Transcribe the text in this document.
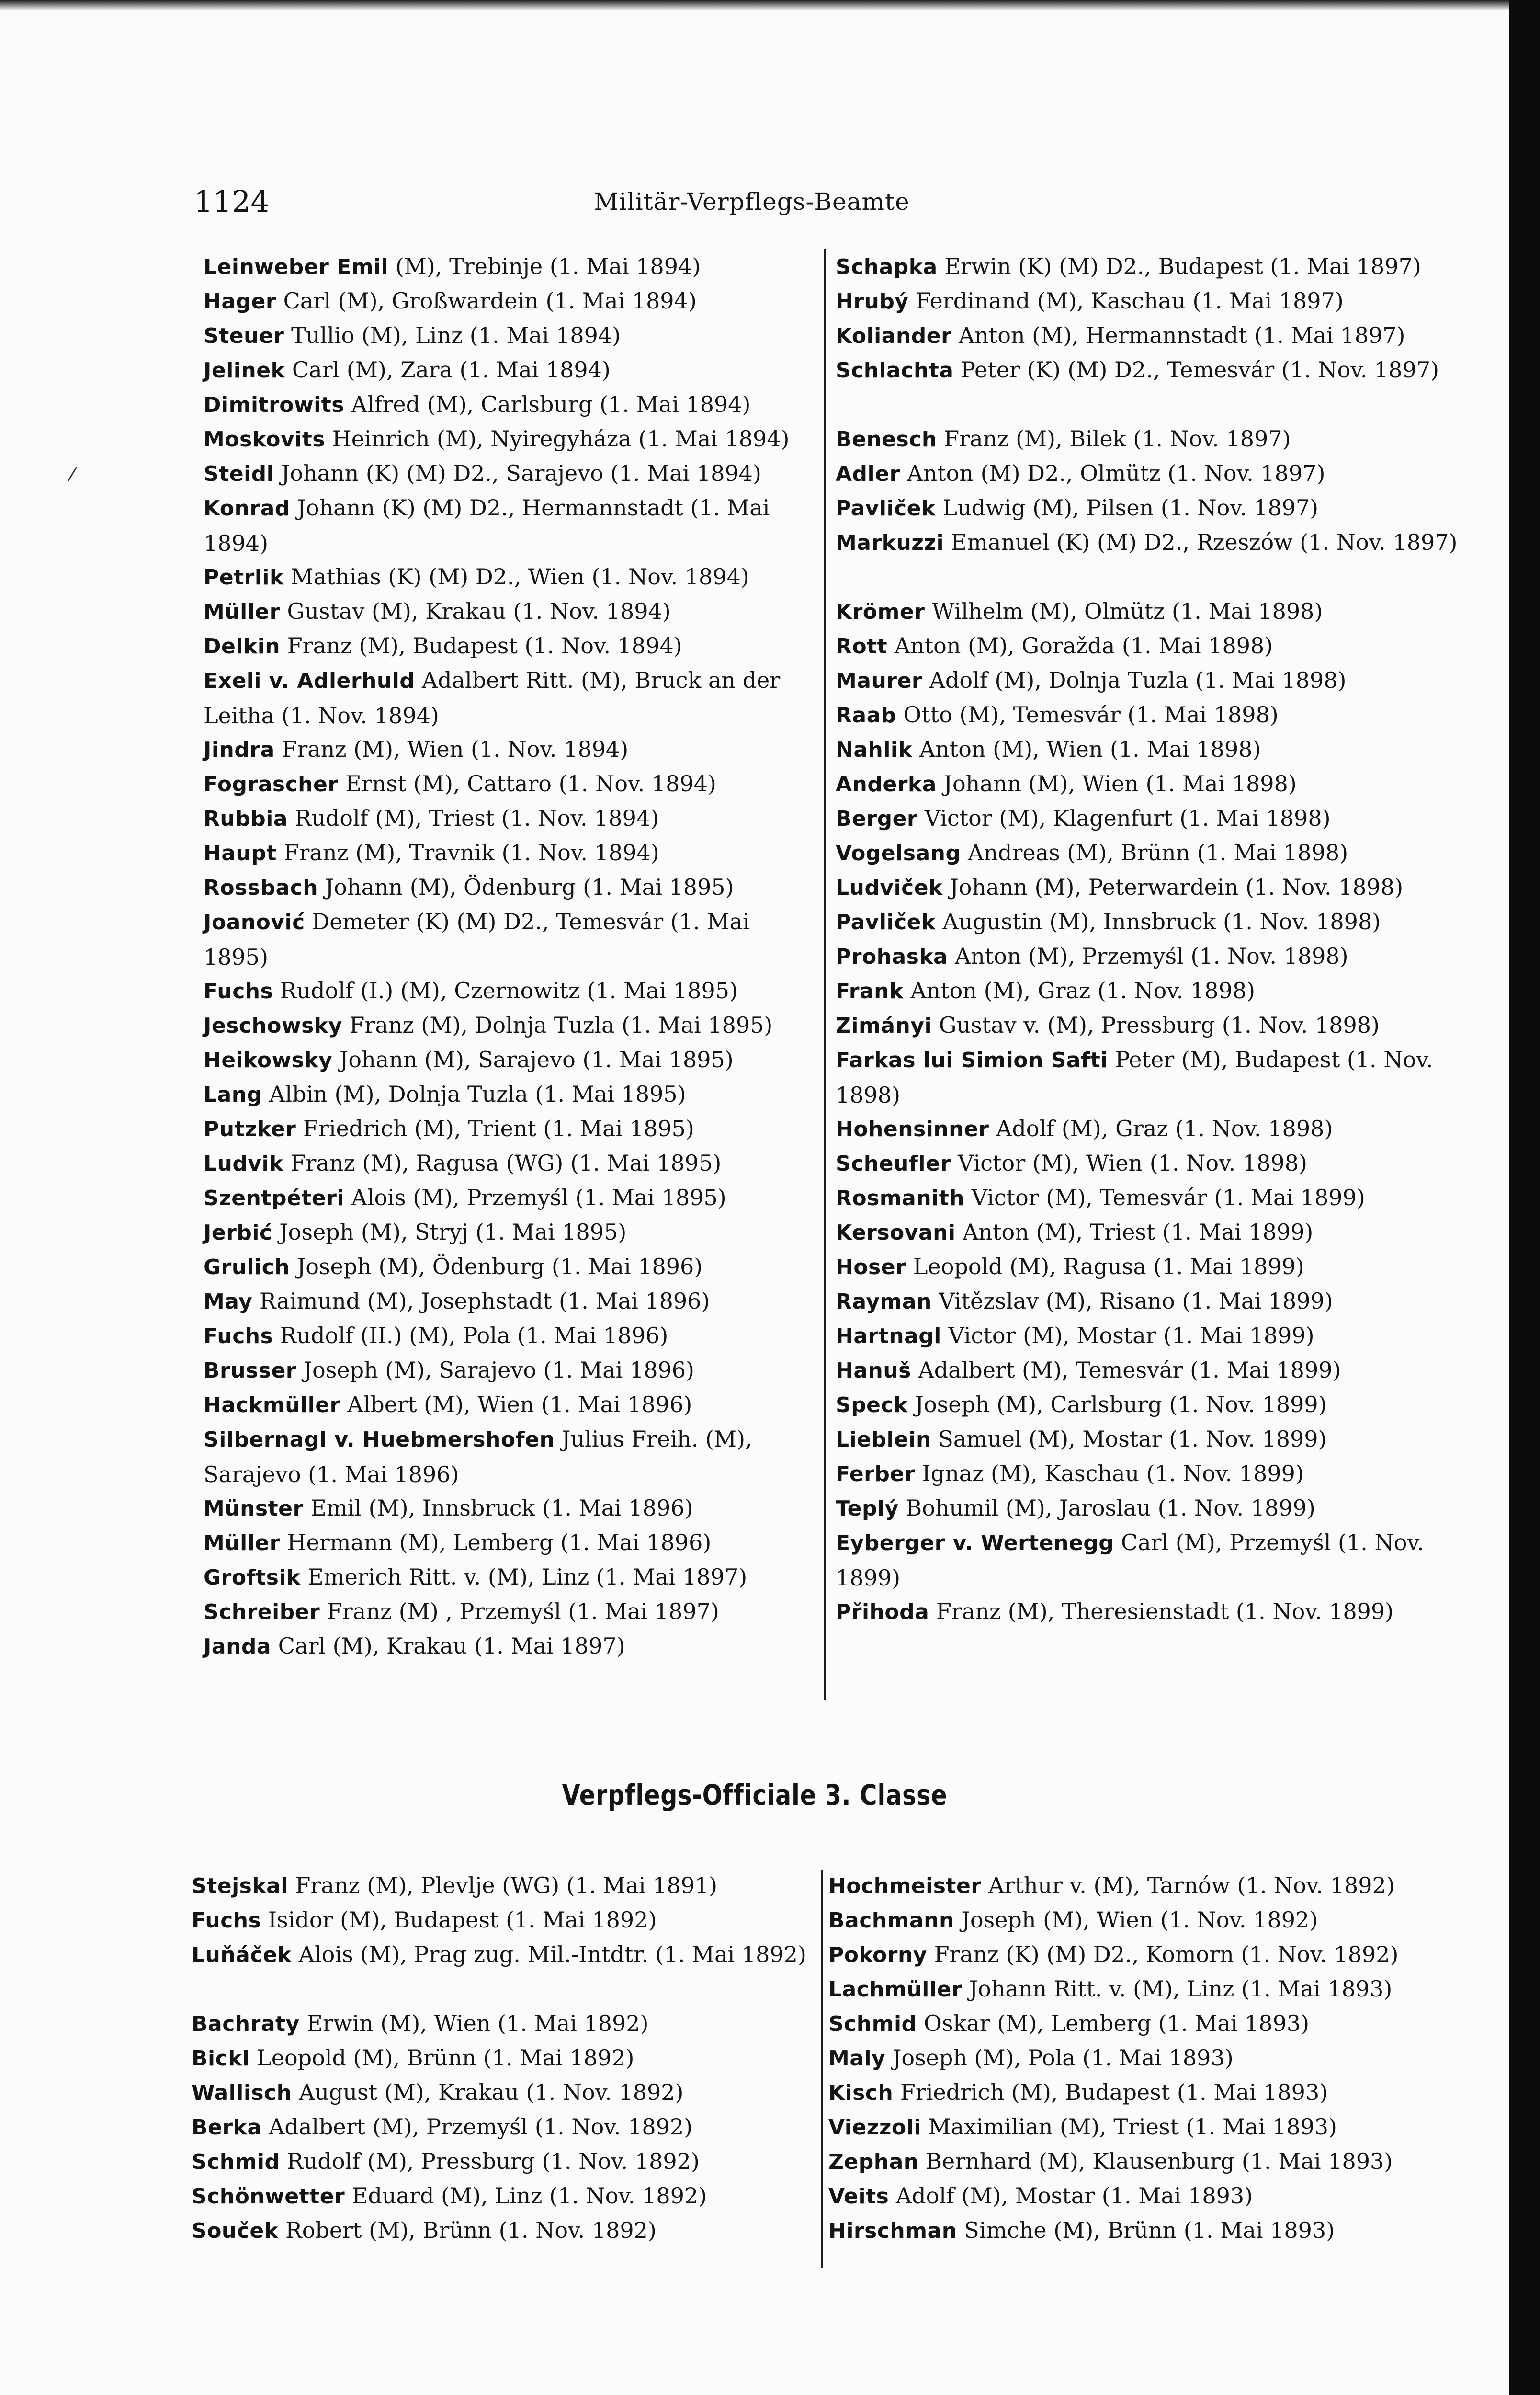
1124	Militär-Verpflegs-Beamte
⁄
Leinweber Emil (M), Trebinje (1. Mai 1894)
Hager Carl (M), Großwardein (1. Mai 1894)
Steuer Tullio (M), Linz (1. Mai 1894)
Jelinek Carl (M), Zara (1. Mai 1894)
Dimitrowits Alfred (M), Carlsburg (1. Mai 1894)
Moskovits Heinrich (M), Nyiregyháza (1. Mai 1894)
Steidl Johann (K) (M) D2., Sarajevo (1. Mai 1894)
Konrad Johann (K) (M) D2., Hermannstadt (1. Mai 1894)
Petrlik Mathias (K) (M) D2., Wien (1. Nov. 1894)
Müller Gustav (M), Krakau (1. Nov. 1894)
Delkin Franz (M), Budapest (1. Nov. 1894)
Exeli v. Adlerhuld Adalbert Ritt. (M), Bruck an der Leitha (1. Nov. 1894)
Jindra Franz (M), Wien (1. Nov. 1894)
Fograscher Ernst (M), Cattaro (1. Nov. 1894)
Rubbia Rudolf (M), Triest (1. Nov. 1894)
Haupt Franz (M), Travnik (1. Nov. 1894)
Rossbach Johann (M), Ödenburg (1. Mai 1895)
Joanović Demeter (K) (M) D2., Temesvár (1. Mai 1895)
Fuchs Rudolf (I.) (M), Czernowitz (1. Mai 1895)
Jeschowsky Franz (M), Dolnja Tuzla (1. Mai 1895)
Heikowsky Johann (M), Sarajevo (1. Mai 1895)
Lang Albin (M), Dolnja Tuzla (1. Mai 1895)
Putzker Friedrich (M), Trient (1. Mai 1895)
Ludvik Franz (M), Ragusa (WG) (1. Mai 1895)
Szentpéteri Alois (M), Przemyśl (1. Mai 1895)
Jerbić Joseph (M), Stryj (1. Mai 1895)
Grulich Joseph (M), Ödenburg (1. Mai 1896)
May Raimund (M), Josephstadt (1. Mai 1896)
Fuchs Rudolf (II.) (M), Pola (1. Mai 1896)
Brusser Joseph (M), Sarajevo (1. Mai 1896)
Hackmüller Albert (M), Wien (1. Mai 1896)
Silbernagl v. Huebmershofen Julius Freih. (M), Sarajevo (1. Mai 1896)
Münster Emil (M), Innsbruck (1. Mai 1896)
Müller Hermann (M), Lemberg (1. Mai 1896)
Groftsik Emerich Ritt. v. (M), Linz (1. Mai 1897)
Schreiber Franz (M) , Przemyśl (1. Mai 1897)
Janda Carl (M), Krakau (1. Mai 1897)
Schapka Erwin (K) (M) D2., Budapest (1. Mai 1897)
Hrubý Ferdinand (M), Kaschau (1. Mai 1897)
Koliander Anton (M), Hermannstadt (1. Mai 1897)
Schlachta Peter (K) (M) D2., Temesvár (1. Nov. 1897)
Benesch Franz (M), Bilek (1. Nov. 1897)
Adler Anton (M) D2., Olmütz (1. Nov. 1897)
Pavliček Ludwig (M), Pilsen (1. Nov. 1897)
Markuzzi Emanuel (K) (M) D2., Rzeszów (1. Nov. 1897)
Krömer Wilhelm (M), Olmütz (1. Mai 1898)
Rott Anton (M), Goražda (1. Mai 1898)
Maurer Adolf (M), Dolnja Tuzla (1. Mai 1898)
Raab Otto (M), Temesvár (1. Mai 1898)
Nahlik Anton (M), Wien (1. Mai 1898)
Anderka Johann (M), Wien (1. Mai 1898)
Berger Victor (M), Klagenfurt (1. Mai 1898)
Vogelsang Andreas (M), Brünn (1. Mai 1898)
Ludviček Johann (M), Peterwardein (1. Nov. 1898)
Pavliček Augustin (M), Innsbruck (1. Nov. 1898)
Prohaska Anton (M), Przemyśl (1. Nov. 1898)
Frank Anton (M), Graz (1. Nov. 1898)
Zimányi Gustav v. (M), Pressburg (1. Nov. 1898)
Farkas lui Simion Safti Peter (M), Budapest (1. Nov. 1898)
Hohensinner Adolf (M), Graz (1. Nov. 1898)
Scheufler Victor (M), Wien (1. Nov. 1898)
Rosmanith Victor (M), Temesvár (1. Mai 1899)
Kersovani Anton (M), Triest (1. Mai 1899)
Hoser Leopold (M), Ragusa (1. Mai 1899)
Rayman Vitězslav (M), Risano (1. Mai 1899)
Hartnagl Victor (M), Mostar (1. Mai 1899)
Hanuš Adalbert (M), Temesvár (1. Mai 1899)
Speck Joseph (M), Carlsburg (1. Nov. 1899)
Lieblein Samuel (M), Mostar (1. Nov. 1899)
Ferber Ignaz (M), Kaschau (1. Nov. 1899)
Teplý Bohumil (M), Jaroslau (1. Nov. 1899)
Eyberger v. Wertenegg Carl (M), Przemyśl (1. Nov. 1899)
Přihoda Franz (M), Theresienstadt (1. Nov. 1899)
Verpflegs-Officiale 3. Classe
Stejskal Franz (M), Plevlje (WG) (1. Mai 1891)
Fuchs Isidor (M), Budapest (1. Mai 1892)
Luňáček Alois (M), Prag zug. Mil.-Intdtr. (1. Mai 1892)
Bachraty Erwin (M), Wien (1. Mai 1892)
Bickl Leopold (M), Brünn (1. Mai 1892)
Wallisch August (M), Krakau (1. Nov. 1892)
Berka Adalbert (M), Przemyśl (1. Nov. 1892)
Schmid Rudolf (M), Pressburg (1. Nov. 1892)
Schönwetter Eduard (M), Linz (1. Nov. 1892)
Souček Robert (M), Brünn (1. Nov. 1892)
Hochmeister Arthur v. (M), Tarnów (1. Nov. 1892)
Bachmann Joseph (M), Wien (1. Nov. 1892)
Pokorny Franz (K) (M) D2., Komorn (1. Nov. 1892)
Lachmüller Johann Ritt. v. (M), Linz (1. Mai 1893)
Schmid Oskar (M), Lemberg (1. Mai 1893)
Maly Joseph (M), Pola (1. Mai 1893)
Kisch Friedrich (M), Budapest (1. Mai 1893)
Viezzoli Maximilian (M), Triest (1. Mai 1893)
Zephan Bernhard (M), Klausenburg (1. Mai 1893)
Veits Adolf (M), Mostar (1. Mai 1893)
Hirschman Simche (M), Brünn (1. Mai 1893)
